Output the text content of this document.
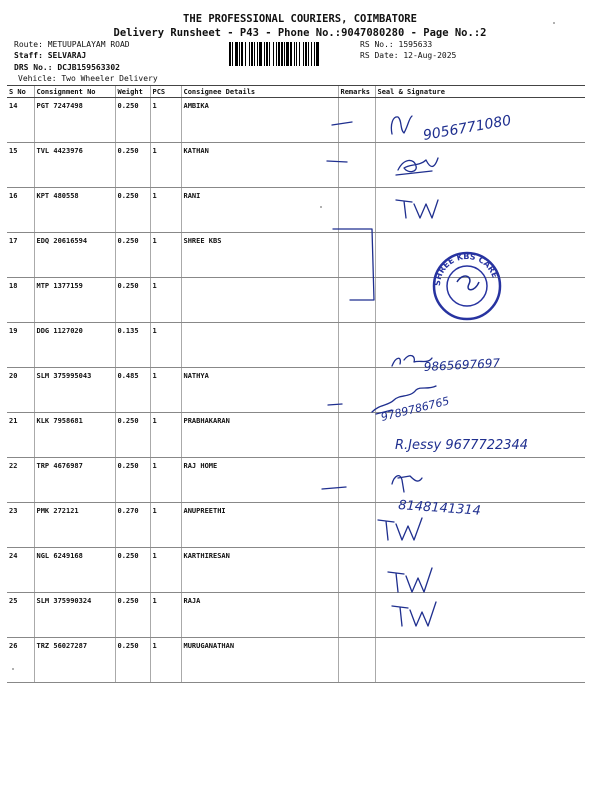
THE PROFESSIONAL COURIERS, COIMBATORE
Delivery Runsheet - P43 - Phone No.:9047080280 - Page No.:2
Route: METUUPALAYAM ROAD
Staff: SELVARAJ
DRS No.: DCJB159563302
Vehicle: Two Wheeler Delivery
RS No.: 1595633
RS Date: 12-Aug-2025
S No	Consignment No	Weight	PCS	Consignee Details	Remarks	Seal & Signature
14	PGT 7247498	0.250	1	AMBIKA		
15	TVL 4423976	0.250	1	KATHAN		
16	KPT 480558	0.250	1	RANI		
17	EDQ 20616594	0.250	1	SHREE KBS		
18	MTP 1377159	0.250	1			
19	DDG 1127020	0.135	1			
20	SLM 375995043	0.485	1	NATHYA		
21	KLK 7958681	0.250	1	PRABHAKARAN		
22	TRP 4676987	0.250	1	RAJ HOME		
23	PMK 272121	0.270	1	ANUPREETHI		
24	NGL 6249168	0.250	1	KARTHIRESAN		
25	SLM 375990324	0.250	1	RAJA		
26	TRZ 56027287	0.250	1	MURUGANATHAN		
SHREE KBS CARE
9056771080
9865697697
9789786765
R.Jessy 9677722344
8148141314
